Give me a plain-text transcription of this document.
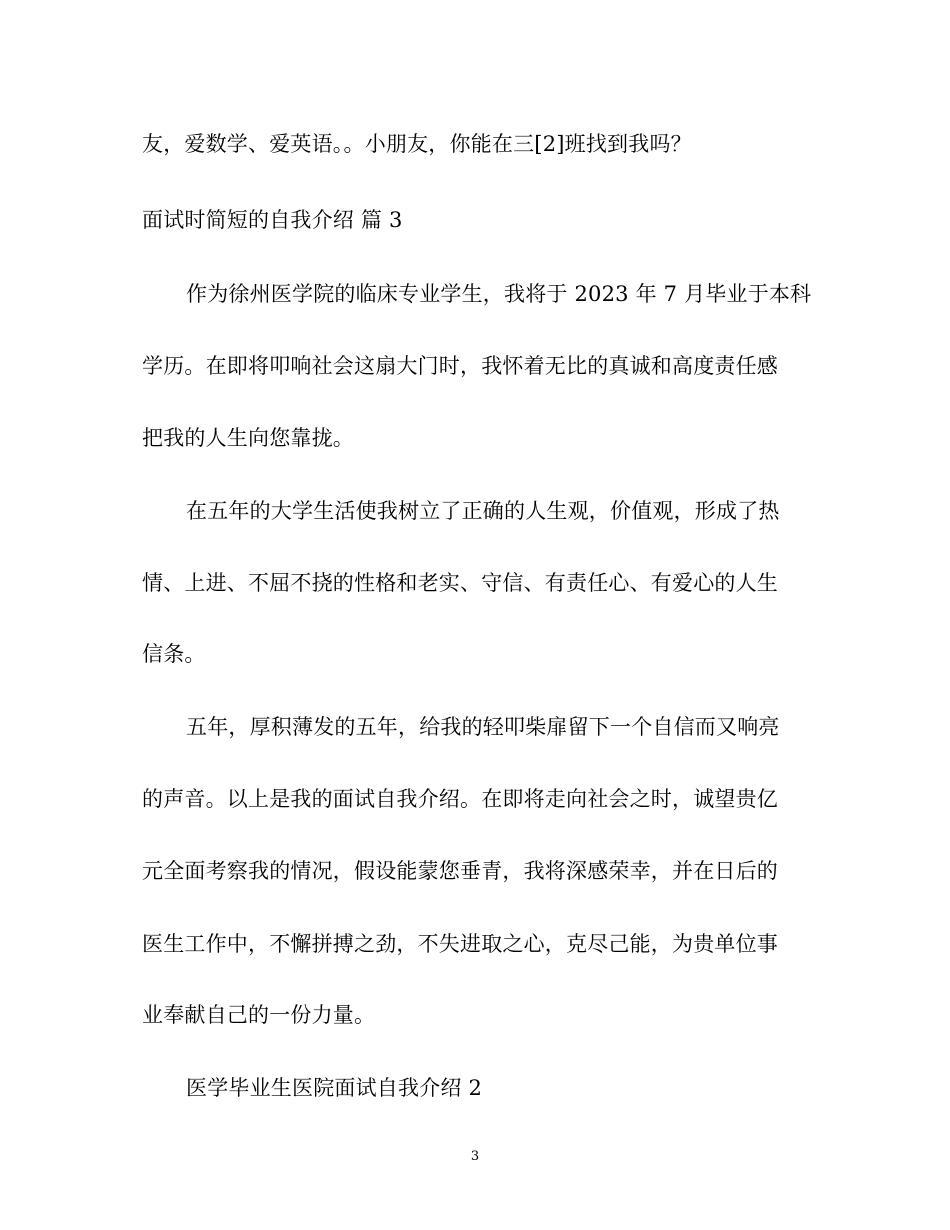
友，爱数学、爱英语。。小朋友，你能在三[2]班找到我吗？
面试时简短的自我介绍 篇 3
作为徐州医学院的临床专业学生，我将于 2023 年 7 月毕业于本科
学历。在即将叩响社会这扇大门时，我怀着无比的真诚和高度责任感
把我的人生向您靠拢。
在五年的大学生活使我树立了正确的人生观，价值观，形成了热
情、上进、不屈不挠的性格和老实、守信、有责任心、有爱心的人生
信条。
五年，厚积薄发的五年，给我的轻叩柴扉留下一个自信而又响亮
的声音。以上是我的面试自我介绍。在即将走向社会之时，诚望贵亿
元全面考察我的情况，假设能蒙您垂青，我将深感荣幸，并在日后的
医生工作中，不懈拼搏之劲，不失进取之心，克尽己能，为贵单位事
业奉献自己的一份力量。
医学毕业生医院面试自我介绍 2
3
